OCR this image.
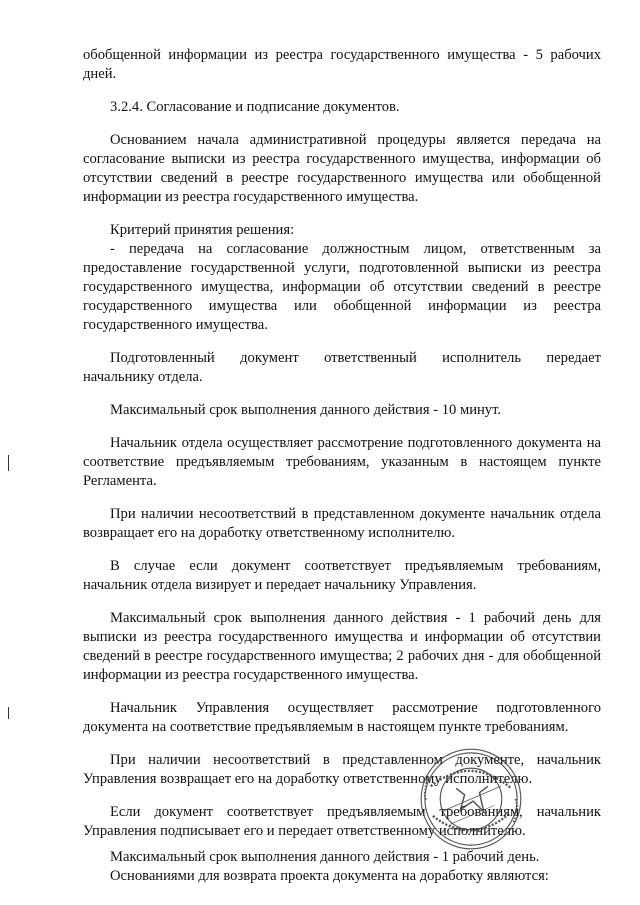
обобщенной информации из реестра государственного имущества - 5 рабочих дней.

3.2.4. Согласование и подписание документов.

Основанием начала административной процедуры является передача на согласование выписки из реестра государственного имущества, информации об отсутствии сведений в реестре государственного имущества или обобщенной информации из реестра государственного имущества.

Критерий принятия решения:

- передача на согласование должностным лицом, ответственным за предоставление государственной услуги, подготовленной выписки из реестра государственного имущества, информации об отсутствии сведений в реестре государственного имущества или обобщенной информации из реестра государственного имущества.

Подготовленный документ ответственный исполнитель передает

начальнику отдела.

Максимальный срок выполнения данного действия - 10 минут.

Начальник отдела осуществляет рассмотрение подготовленного документа на соответствие предъявляемым требованиям, указанным в настоящем пункте Регламента.

При наличии несоответствий в представленном документе начальник отдела возвращает его на доработку ответственному исполнителю.

В случае если документ соответствует предъявляемым требованиям, начальник отдела визирует и передает начальнику Управления.

Максимальный срок выполнения данного действия - 1 рабочий день для выписки из реестра государственного имущества и информации об отсутствии сведений в реестре государственного имущества; 2 рабочих дня - для обобщенной информации из реестра государственного имущества.

Начальник Управления осуществляет рассмотрение подготовленного документа на соответствие предъявляемым в настоящем пункте требованиям.

При наличии несоответствий в представленном документе, начальник Управления возвращает его на доработку ответственному исполнителю.

Если документ соответствует предъявляемым требованиям, начальник Управления подписывает его и передает ответственному исполнителю.

Максимальный срок выполнения данного действия - 1 рабочий день.

Основаниями для возврата проекта документа на доработку являются:
